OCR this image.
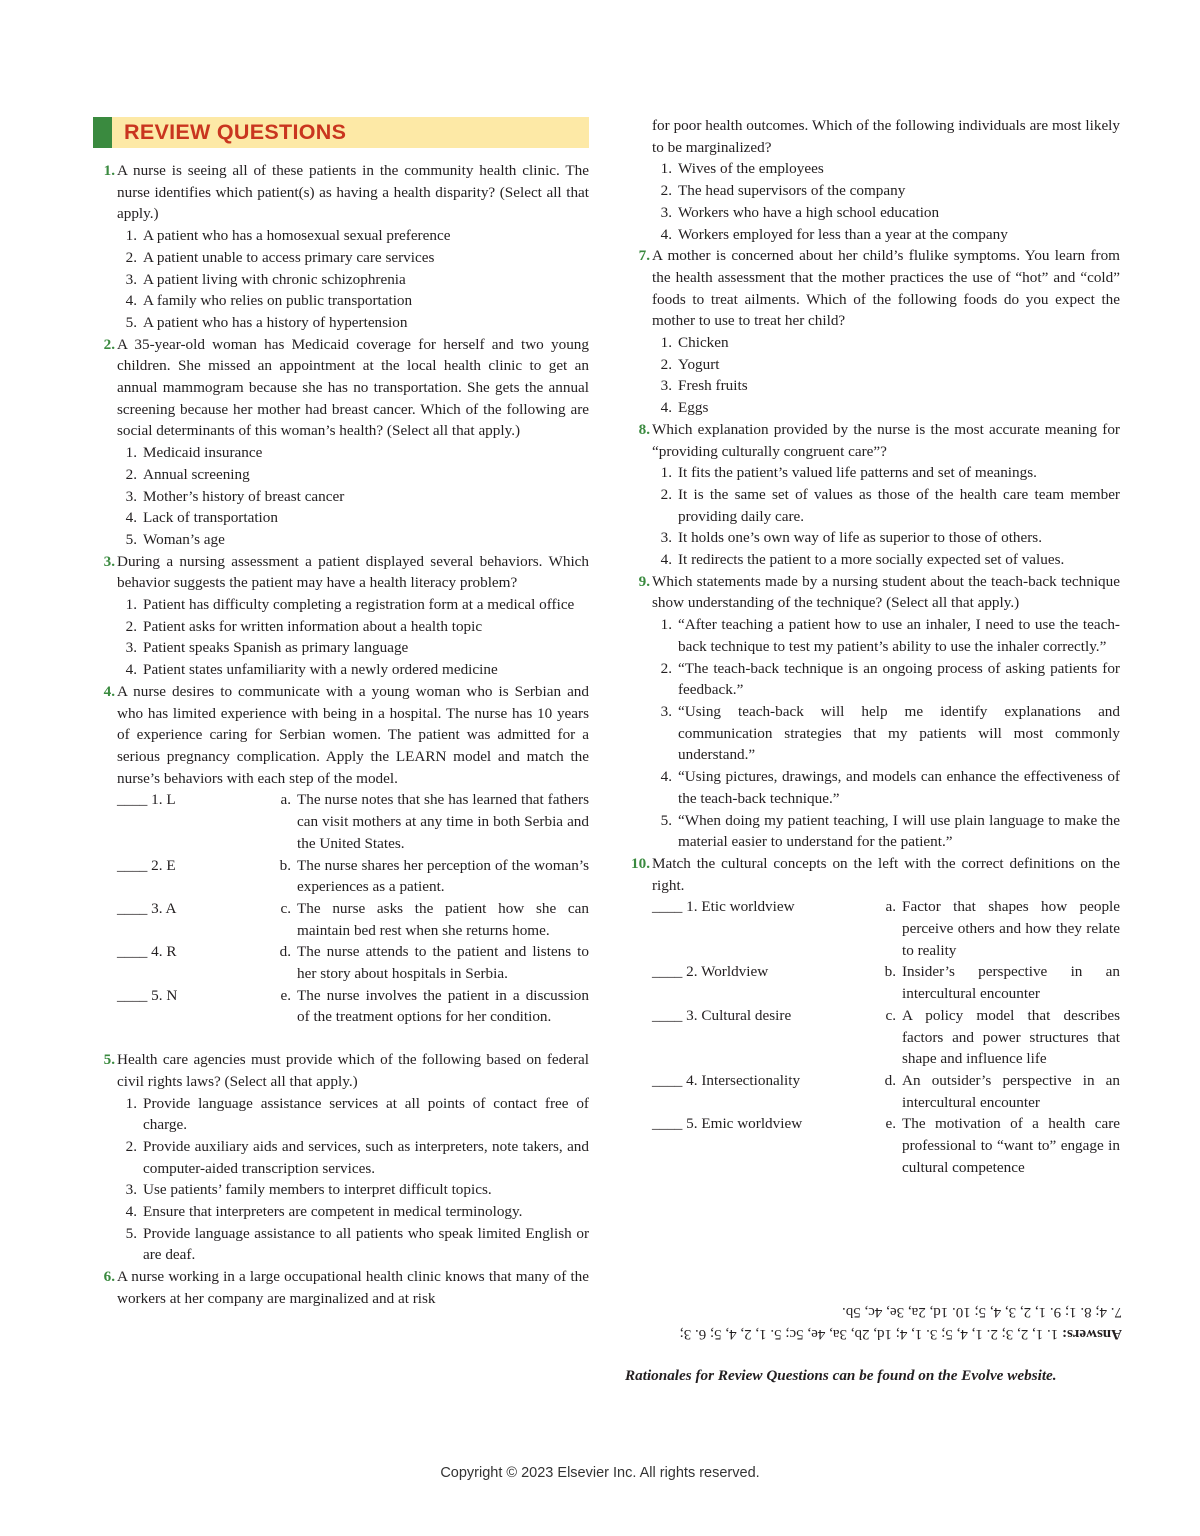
REVIEW QUESTIONS
1. A nurse is seeing all of these patients in the community health clinic. The nurse identifies which patient(s) as having a health disparity? (Select all that apply.)
1. A patient who has a homosexual sexual preference
2. A patient unable to access primary care services
3. A patient living with chronic schizophrenia
4. A family who relies on public transportation
5. A patient who has a history of hypertension
2. A 35-year-old woman has Medicaid coverage for herself and two young children. She missed an appointment at the local health clinic to get an annual mammogram because she has no transportation. She gets the annual screening because her mother had breast cancer. Which of the following are social determinants of this woman’s health? (Select all that apply.)
1. Medicaid insurance
2. Annual screening
3. Mother’s history of breast cancer
4. Lack of transportation
5. Woman’s age
3. During a nursing assessment a patient displayed several behaviors. Which behavior suggests the patient may have a health literacy problem?
1. Patient has difficulty completing a registration form at a medical office
2. Patient asks for written information about a health topic
3. Patient speaks Spanish as primary language
4. Patient states unfamiliarity with a newly ordered medicine
4. A nurse desires to communicate with a young woman who is Serbian and who has limited experience with being in a hospital. The nurse has 10 years of experience caring for Serbian women. The patient was admitted for a serious pregnancy complication. Apply the LEARN model and match the nurse’s behaviors with each step of the model.
____ 1. L	a. The nurse notes that she has learned that fathers can visit mothers at any time in both Serbia and the United States.
____ 2. E	b. The nurse shares her perception of the woman’s experiences as a patient.
____ 3. A	c. The nurse asks the patient how she can maintain bed rest when she returns home.
____ 4. R	d. The nurse attends to the patient and listens to her story about hospitals in Serbia.
____ 5. N	e. The nurse involves the patient in a discussion of the treatment options for her condition.
5. Health care agencies must provide which of the following based on federal civil rights laws? (Select all that apply.)
1. Provide language assistance services at all points of contact free of charge.
2. Provide auxiliary aids and services, such as interpreters, note takers, and computer-aided transcription services.
3. Use patients’ family members to interpret difficult topics.
4. Ensure that interpreters are competent in medical terminology.
5. Provide language assistance to all patients who speak limited English or are deaf.
6. A nurse working in a large occupational health clinic knows that many of the workers at her company are marginalized and at risk
for poor health outcomes. Which of the following individuals are most likely to be marginalized?
1. Wives of the employees
2. The head supervisors of the company
3. Workers who have a high school education
4. Workers employed for less than a year at the company
7. A mother is concerned about her child’s flulike symptoms. You learn from the health assessment that the mother practices the use of “hot” and “cold” foods to treat ailments. Which of the following foods do you expect the mother to use to treat her child?
1. Chicken
2. Yogurt
3. Fresh fruits
4. Eggs
8. Which explanation provided by the nurse is the most accurate meaning for “providing culturally congruent care”?
1. It fits the patient’s valued life patterns and set of meanings.
2. It is the same set of values as those of the health care team member providing daily care.
3. It holds one’s own way of life as superior to those of others.
4. It redirects the patient to a more socially expected set of values.
9. Which statements made by a nursing student about the teach-back technique show understanding of the technique? (Select all that apply.)
1. “After teaching a patient how to use an inhaler, I need to use the teach-back technique to test my patient’s ability to use the inhaler correctly.”
2. “The teach-back technique is an ongoing process of asking patients for feedback.”
3. “Using teach-back will help me identify explanations and communication strategies that my patients will most commonly understand.”
4. “Using pictures, drawings, and models can enhance the effectiveness of the teach-back technique.”
5. “When doing my patient teaching, I will use plain language to make the material easier to understand for the patient.”
10. Match the cultural concepts on the left with the correct definitions on the right.
____ 1. Etic worldview	a. Factor that shapes how people perceive others and how they relate to reality
____ 2. Worldview	b. Insider’s perspective in an intercultural encounter
____ 3. Cultural desire	c. A policy model that describes factors and power structures that shape and influence life
____ 4. Intersectionality	d. An outsider’s perspective in an intercultural encounter
____ 5. Emic worldview	e. The motivation of a health care professional to “want to” engage in cultural competence
Answers: 1. 1, 2, 3; 2. 1, 4, 5; 3. 1, 4; 1d, 2b, 3a, 4e, 5c; 5. 1, 2, 4, 5; 6. 3;
7. 4; 8. 1; 9. 1, 2, 3, 4, 5; 10. 1d, 2a, 3e, 4c, 5b.
Rationales for Review Questions can be found on the Evolve website.
Copyright © 2023 Elsevier Inc. All rights reserved.
